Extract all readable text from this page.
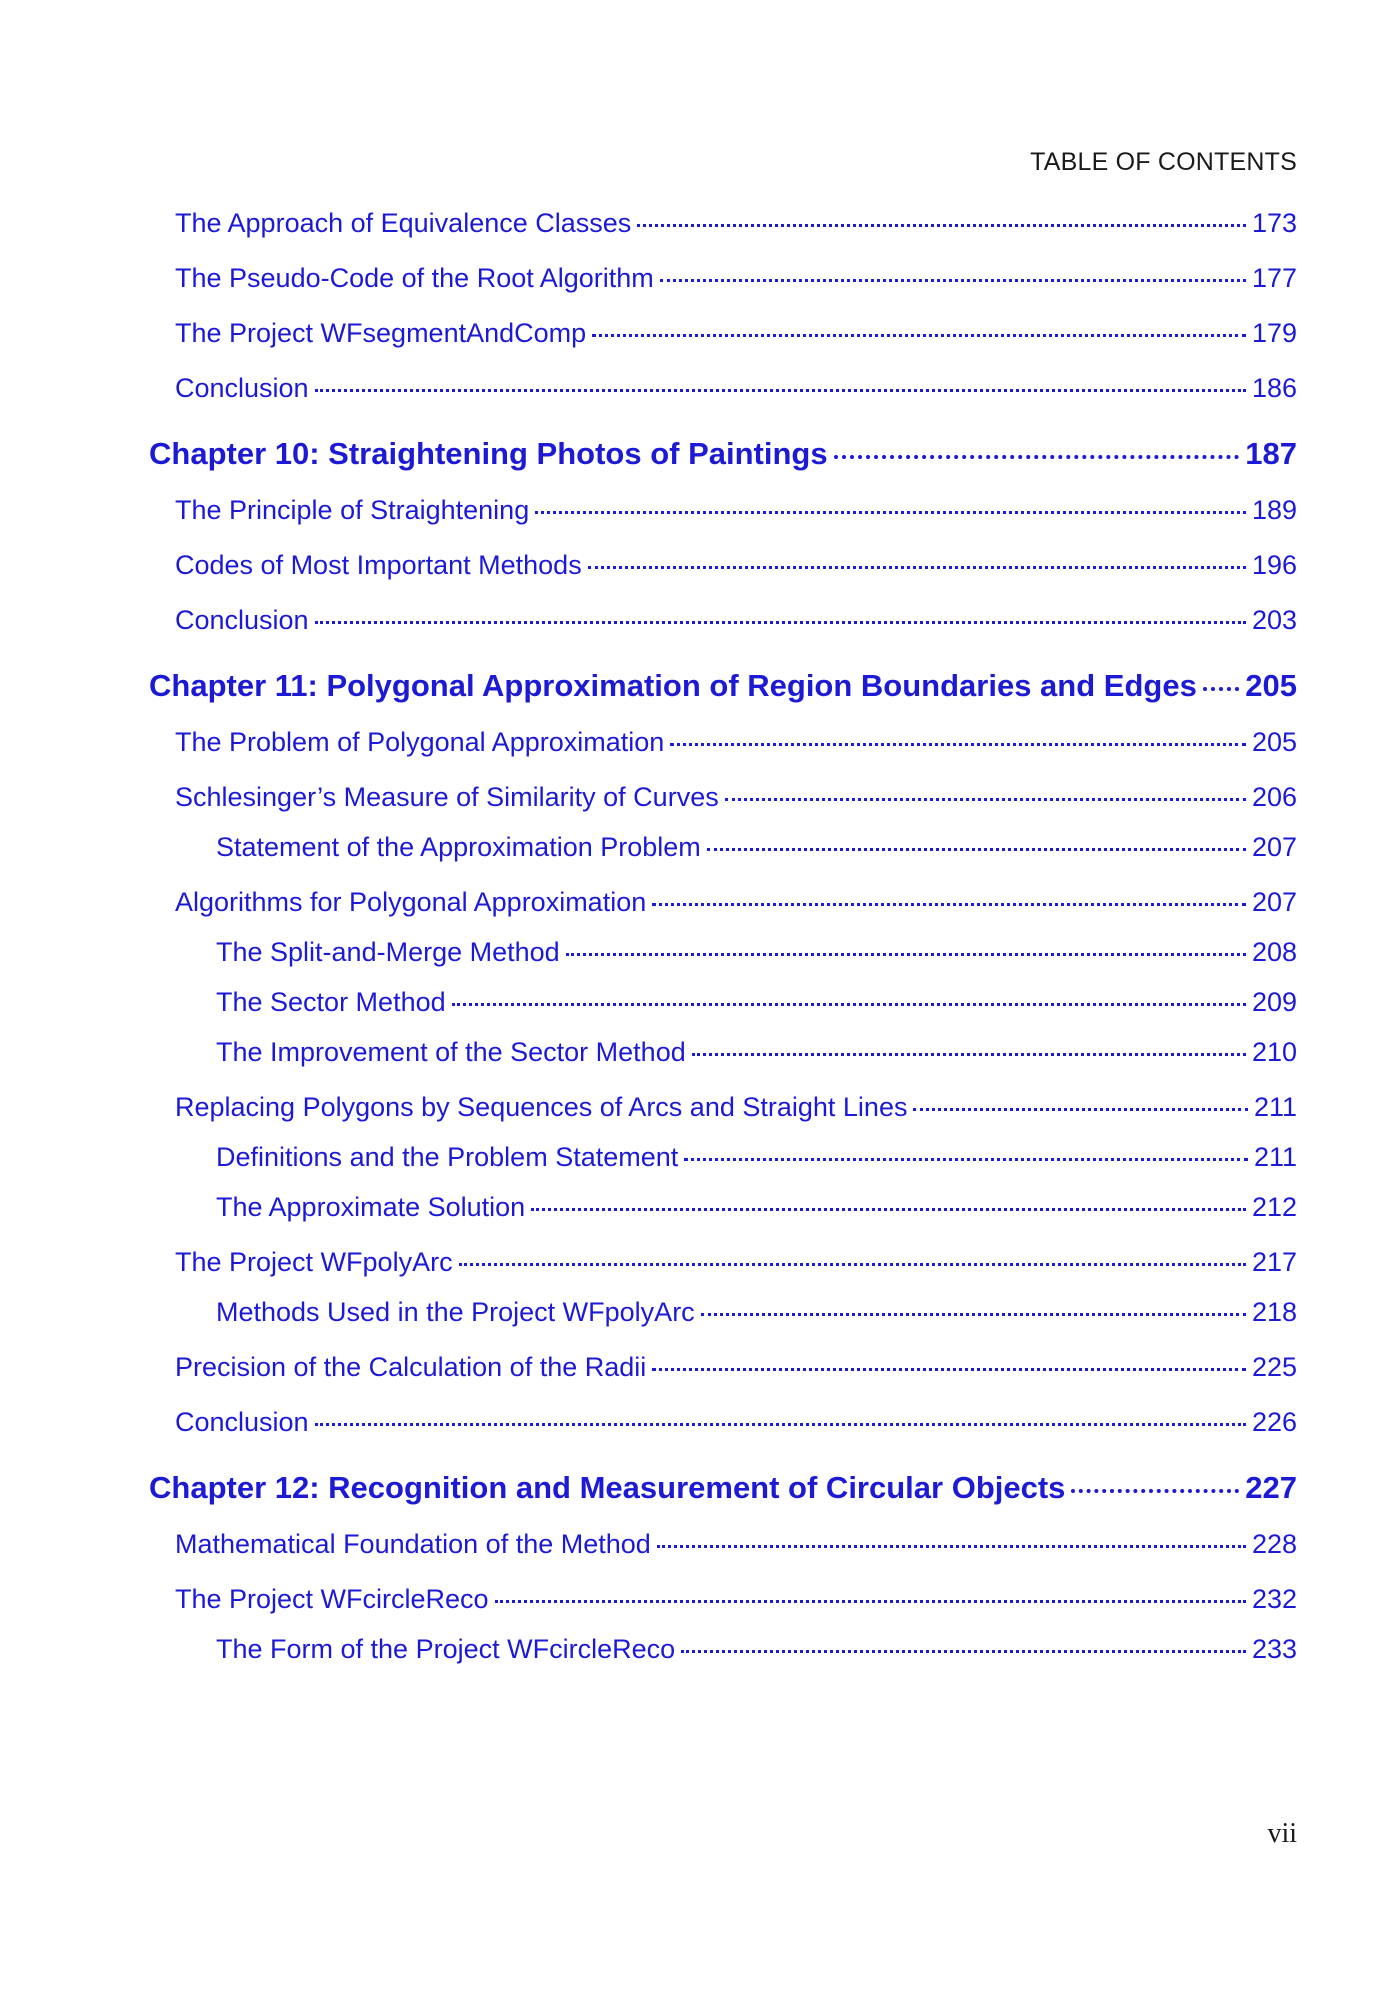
TABLE OF CONTENTS
The Approach of Equivalence Classes	173
The Pseudo-Code of the Root Algorithm	177
The Project WFsegmentAndComp	179
Conclusion	186
Chapter 10: Straightening Photos of Paintings	187
The Principle of Straightening	189
Codes of Most Important Methods	196
Conclusion	203
Chapter 11: Polygonal Approximation of Region Boundaries and Edges 205
The Problem of Polygonal Approximation	205
Schlesinger’s Measure of Similarity of Curves	206
Statement of the Approximation Problem	207
Algorithms for Polygonal Approximation	207
The Split-and-Merge Method	208
The Sector Method	209
The Improvement of the Sector Method	210
Replacing Polygons by Sequences of Arcs and Straight Lines	211
Definitions and the Problem Statement	211
The Approximate Solution	212
The Project WFpolyArc	217
Methods Used in the Project WFpolyArc	218
Precision of the Calculation of the Radii	225
Conclusion	226
Chapter 12: Recognition and Measurement of Circular Objects	227
Mathematical Foundation of the Method	228
The Project WFcircleReco	232
The Form of the Project WFcircleReco	233
vii
